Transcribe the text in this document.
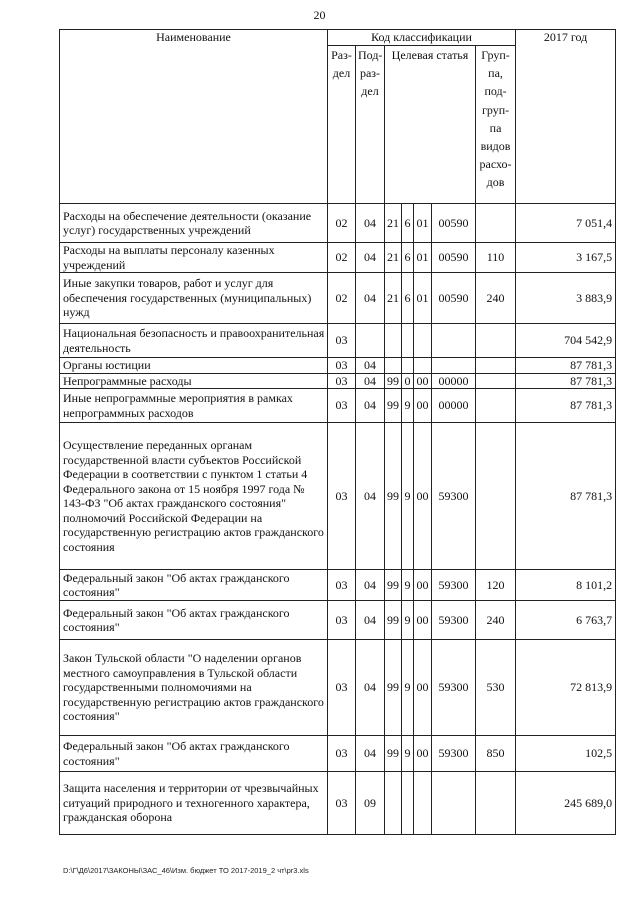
20
Наименование	Код классификации							2017 год
	Раз- дел	Под- раз- дел	Целевая статья				Груп- па, под- груп- па видов расхо- дов	
Расходы на обеспечение деятельности (оказание услуг) государственных учреждений	02	04	21	6	01	00590		7 051,4
Расходы на выплаты персоналу казенных учреждений	02	04	21	6	01	00590	110	3 167,5
Иные закупки товаров, работ и услуг для обеспечения государственных (муниципальных) нужд	02	04	21	6	01	00590	240	3 883,9
Национальная безопасность и правоохранительная деятельность	03							704 542,9
Органы юстиции	03	04						87 781,3
Непрограммные расходы	03	04	99	0	00	00000		87 781,3
Иные непрограммные мероприятия в рамках непрограммных расходов	03	04	99	9	00	00000		87 781,3
Осуществление переданных органам государственной власти субъектов Российской Федерации в соответствии с пунктом 1 статьи 4 Федерального закона от 15 ноября 1997 года № 143-ФЗ "Об актах гражданского состояния" полномочий Российской Федерации на государственную регистрацию актов гражданского состояния	03	04	99	9	00	59300		87 781,3
Федеральный закон "Об актах гражданского состояния"	03	04	99	9	00	59300	120	8 101,2
Федеральный закон "Об актах гражданского состояния"	03	04	99	9	00	59300	240	6 763,7
Закон Тульской области "О наделении органов местного самоуправления в Тульской области государственными полномочиями на государственную регистрацию актов гражданского состояния"	03	04	99	9	00	59300	530	72 813,9
Федеральный закон "Об актах гражданского состояния"	03	04	99	9	00	59300	850	102,5
Защита населения и территории от чрезвычайных ситуаций природного и техногенного характера, гражданская оборона	03	09						245 689,0
D:\Г\Д6\2017\ЗАКОНЫ\ЗАС_46\Изм. бюджет ТО 2017-2019_2 чт\pr3.xls
